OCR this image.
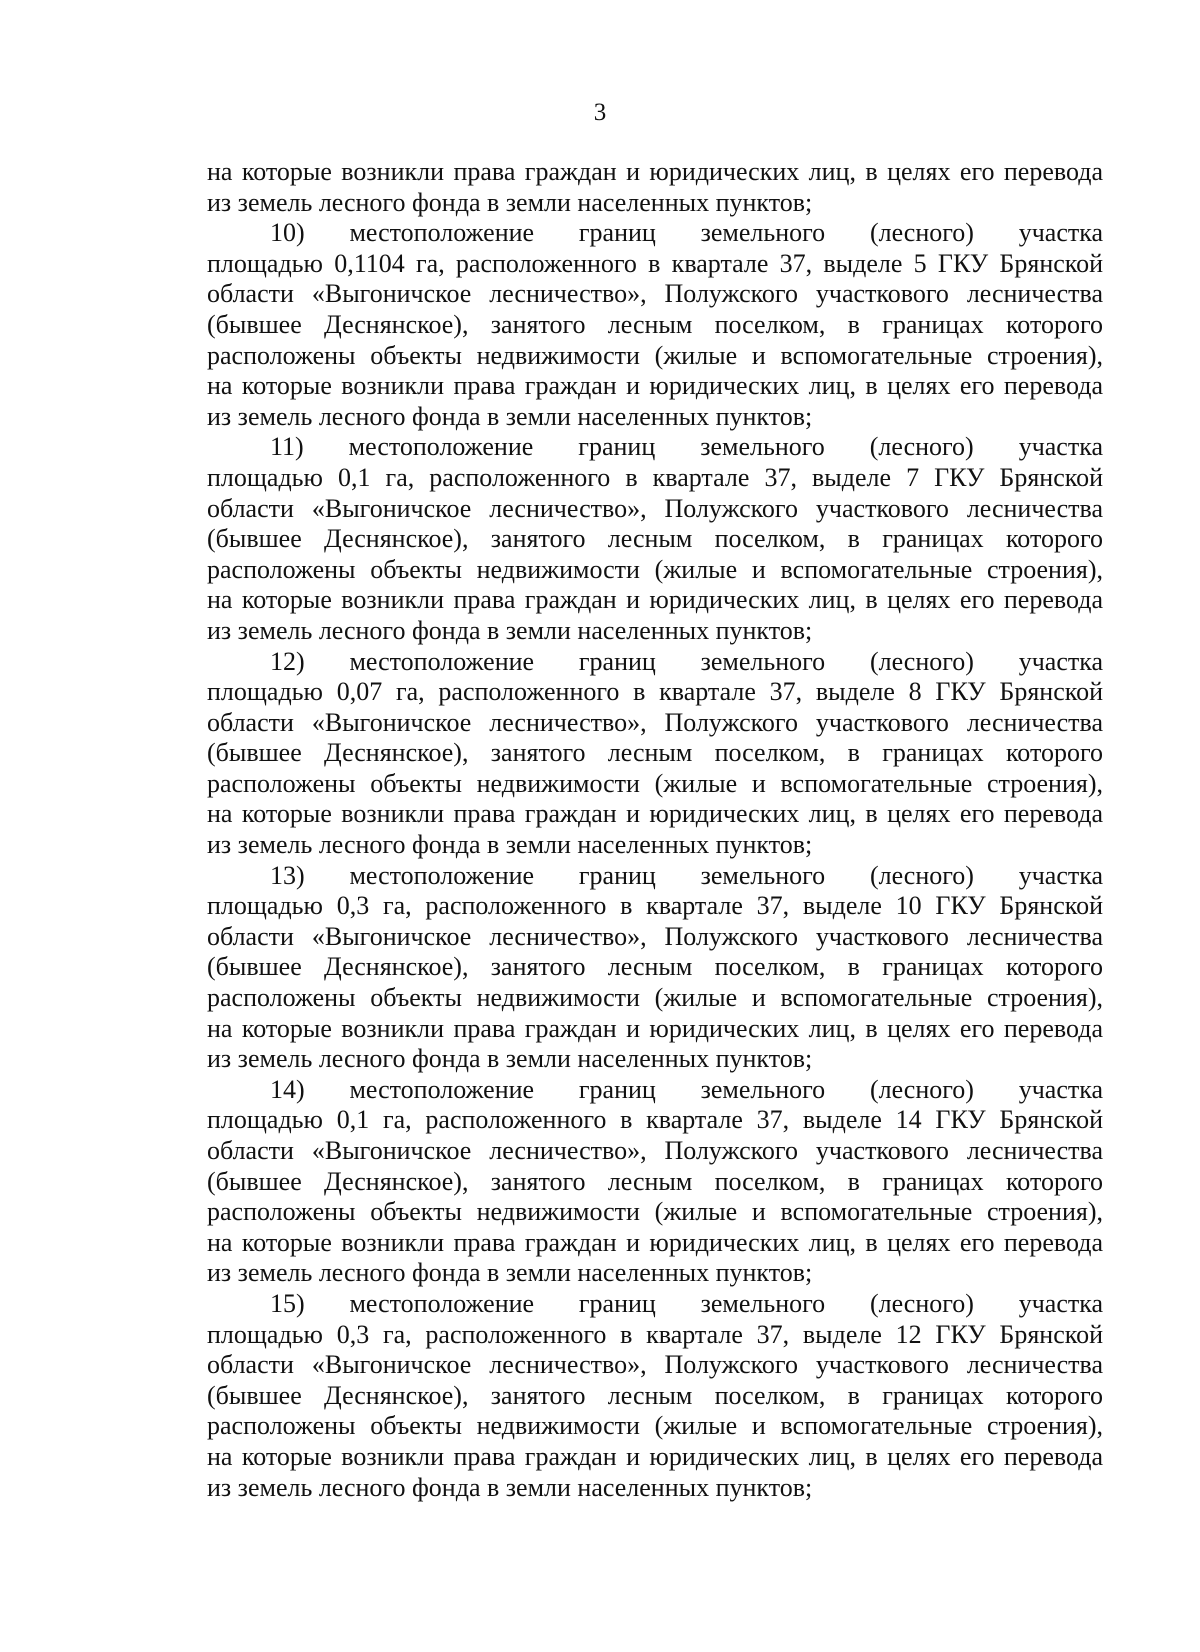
3
на которые возникли права граждан и юридических лиц, в целях его перевода
из земель лесного фонда в земли населенных пунктов;
10) местоположение границ земельного (лесного) участка
площадью 0,1104 га, расположенного в квартале 37, выделе 5 ГКУ Брянской
области «Выгоничское лесничество», Полужского участкового лесничества
(бывшее Деснянское), занятого лесным поселком, в границах которого
расположены объекты недвижимости (жилые и вспомогательные строения),
на которые возникли права граждан и юридических лиц, в целях его перевода
из земель лесного фонда в земли населенных пунктов;
11) местоположение границ земельного (лесного) участка
площадью 0,1 га, расположенного в квартале 37, выделе 7 ГКУ Брянской
области «Выгоничское лесничество», Полужского участкового лесничества
(бывшее Деснянское), занятого лесным поселком, в границах которого
расположены объекты недвижимости (жилые и вспомогательные строения),
на которые возникли права граждан и юридических лиц, в целях его перевода
из земель лесного фонда в земли населенных пунктов;
12) местоположение границ земельного (лесного) участка
площадью 0,07 га, расположенного в квартале 37, выделе 8 ГКУ Брянской
области «Выгоничское лесничество», Полужского участкового лесничества
(бывшее Деснянское), занятого лесным поселком, в границах которого
расположены объекты недвижимости (жилые и вспомогательные строения),
на которые возникли права граждан и юридических лиц, в целях его перевода
из земель лесного фонда в земли населенных пунктов;
13) местоположение границ земельного (лесного) участка
площадью 0,3 га, расположенного в квартале 37, выделе 10 ГКУ Брянской
области «Выгоничское лесничество», Полужского участкового лесничества
(бывшее Деснянское), занятого лесным поселком, в границах которого
расположены объекты недвижимости (жилые и вспомогательные строения),
на которые возникли права граждан и юридических лиц, в целях его перевода
из земель лесного фонда в земли населенных пунктов;
14) местоположение границ земельного (лесного) участка
площадью 0,1 га, расположенного в квартале 37, выделе 14 ГКУ Брянской
области «Выгоничское лесничество», Полужского участкового лесничества
(бывшее Деснянское), занятого лесным поселком, в границах которого
расположены объекты недвижимости (жилые и вспомогательные строения),
на которые возникли права граждан и юридических лиц, в целях его перевода
из земель лесного фонда в земли населенных пунктов;
15) местоположение границ земельного (лесного) участка
площадью 0,3 га, расположенного в квартале 37, выделе 12 ГКУ Брянской
области «Выгоничское лесничество», Полужского участкового лесничества
(бывшее Деснянское), занятого лесным поселком, в границах которого
расположены объекты недвижимости (жилые и вспомогательные строения),
на которые возникли права граждан и юридических лиц, в целях его перевода
из земель лесного фонда в земли населенных пунктов;
